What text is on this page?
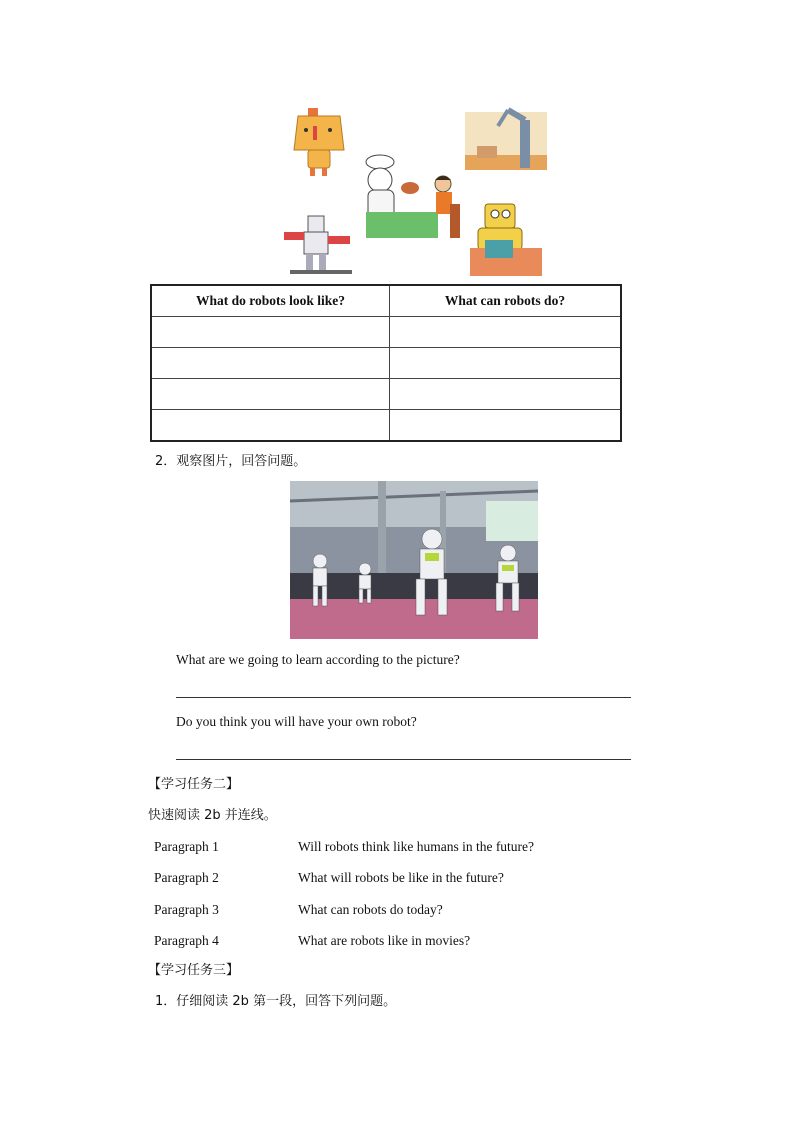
What do robots look like?	What can robots do?

2．观察图片，回答问题。
What are we going to learn according to the picture?
Do you think you will have your own robot?
【学习任务二】
快速阅读 2b 并连线。
Paragraph 1	Will robots think like humans in the future?
Paragraph 2	What will robots be like in the future?
Paragraph 3	What can robots do today?
Paragraph 4	What are robots like in movies?
【学习任务三】
1．仔细阅读 2b 第一段，回答下列问题。
